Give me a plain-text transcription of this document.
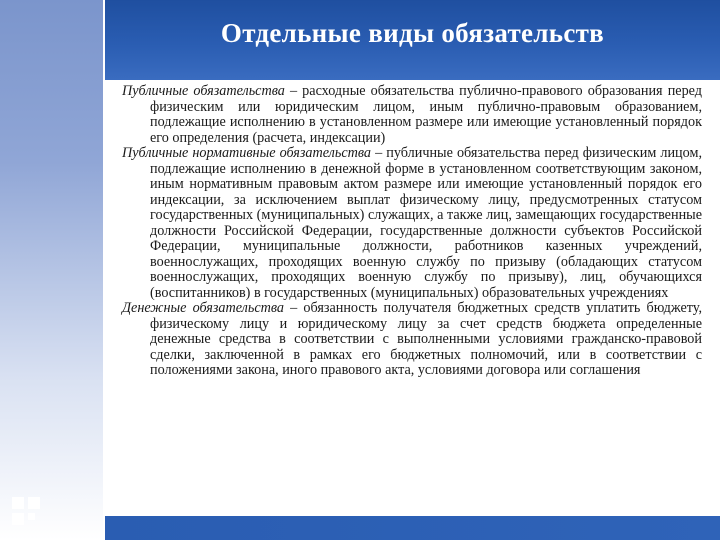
Отдельные виды обязательств

Публичные обязательства – расходные обязательства публично-правового образования перед физическим или юридическим лицом, иным публично-правовым образованием, подлежащие исполнению в установленном размере или имеющие установленный порядок его определения (расчета, индексации)

Публичные нормативные обязательства – публичные обязательства перед физическим лицом, подлежащие исполнению в денежной форме в установленном соответствующим законом, иным нормативным правовым актом размере или имеющие установленный порядок его индексации, за исключением выплат физическому лицу, предусмотренных статусом государственных (муниципальных) служащих, а также лиц, замещающих государственные должности Российской Федерации, государственные должности субъектов Российской Федерации, муниципальные должности, работников казенных учреждений, военнослужащих, проходящих военную службу по призыву (обладающих статусом военнослужащих, проходящих военную службу по призыву), лиц, обучающихся (воспитанников) в государственных (муниципальных) образовательных учреждениях

Денежные обязательства – обязанность получателя бюджетных средств уплатить бюджету, физическому лицу и юридическому лицу за счет средств бюджета определенные денежные средства в соответствии с выполненными условиями гражданско-правовой сделки, заключенной в рамках его бюджетных полномочий, или в соответствии с положениями закона, иного правового акта, условиями договора или соглашения
